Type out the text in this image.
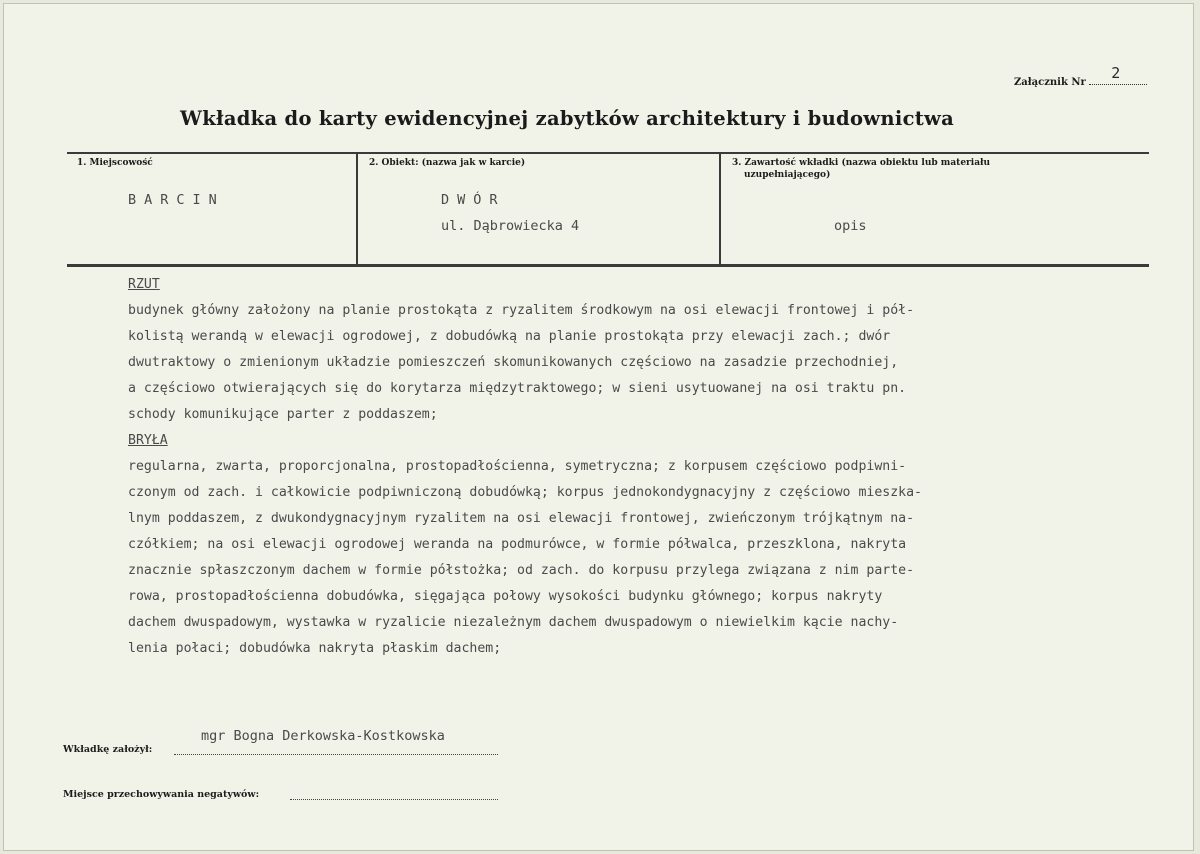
Załącznik Nr
2
Wkładka do karty ewidencyjnej zabytków architektury i budownictwa
1. Miejscowość
BARCIN
2. Obiekt: (nazwa jak w karcie)
DWÓR
ul. Dąbrowiecka 4
3. Zawartość wkładki (nazwa obiektu lub materiału
uzupełniającego)
opis
RZUT
budynek główny założony na planie prostokąta z ryzalitem środkowym na osi elewacji frontowej i pół-
kolistą werandą w elewacji ogrodowej, z dobudówką na planie prostokąta przy elewacji zach.; dwór
dwutraktowy o zmienionym układzie pomieszczeń skomunikowanych częściowo na zasadzie przechodniej,
a częściowo otwierających się do korytarza międzytraktowego; w sieni usytuowanej na osi traktu pn.
schody komunikujące parter z poddaszem;
BRYŁA
regularna, zwarta, proporcjonalna, prostopadłościenna, symetryczna; z korpusem częściowo podpiwni-
czonym od zach. i całkowicie podpiwniczoną dobudówką; korpus jednokondygnacyjny z częściowo mieszka-
lnym poddaszem, z dwukondygnacyjnym ryzalitem na osi elewacji frontowej, zwieńczonym trójkątnym na-
czółkiem; na osi elewacji ogrodowej weranda na podmurówce, w formie półwalca, przeszklona, nakryta
znacznie spłaszczonym dachem w formie półstożka; od zach. do korpusu przylega związana z nim parte-
rowa, prostopadłościenna dobudówka, sięgająca połowy wysokości budynku głównego; korpus nakryty
dachem dwuspadowym, wystawka w ryzalicie niezależnym dachem dwuspadowym o niewielkim kącie nachy-
lenia połaci; dobudówka nakryta płaskim dachem;
mgr Bogna Derkowska-Kostkowska
Wkładkę założył:
Miejsce przechowywania negatywów:
